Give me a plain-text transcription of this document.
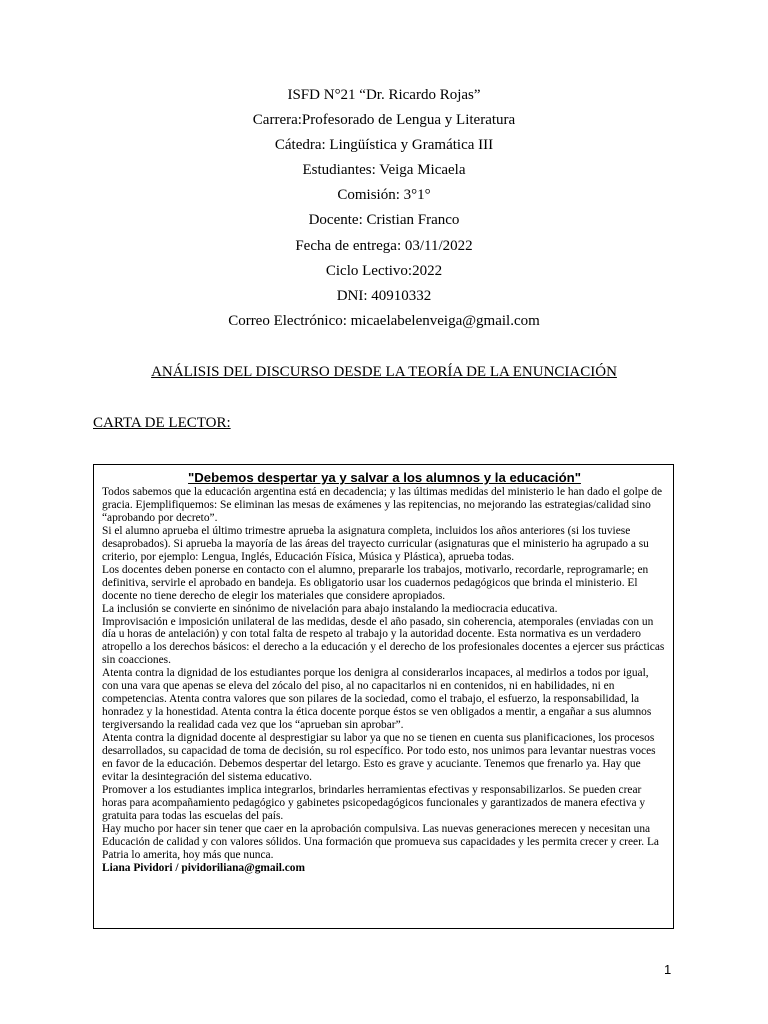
ISFD N°21 “Dr. Ricardo Rojas”
Carrera:Profesorado de Lengua y Literatura
Cátedra: Lingüística y Gramática III
Estudiantes: Veiga Micaela
Comisión: 3°1°
Docente: Cristian Franco
Fecha de entrega: 03/11/2022
Ciclo Lectivo:2022
DNI: 40910332
Correo Electrónico: micaelabelenveiga@gmail.com
ANÁLISIS DEL DISCURSO DESDE LA TEORÍA DE LA ENUNCIACIÓN
CARTA DE LECTOR:
"Debemos despertar ya y salvar a los alumnos y la educación"

Todos sabemos que la educación argentina está en decadencia; y las últimas medidas del ministerio le han dado el golpe de gracia. Ejemplifiquemos: Se eliminan las mesas de exámenes y las repitencias, no mejorando las estrategias/calidad sino “aprobando por decreto”.

Si el alumno aprueba el último trimestre aprueba la asignatura completa, incluidos los años anteriores (si los tuviese desaprobados). Si aprueba la mayoría de las áreas del trayecto curricular (asignaturas que el ministerio ha agrupado a su criterio, por ejemplo: Lengua, Inglés, Educación Física, Música y Plástica), aprueba todas.

Los docentes deben ponerse en contacto con el alumno, prepararle los trabajos, motivarlo, recordarle, reprogramarle; en definitiva, servirle el aprobado en bandeja. Es obligatorio usar los cuadernos pedagógicos que brinda el ministerio. El docente no tiene derecho de elegir los materiales que considere apropiados.

La inclusión se convierte en sinónimo de nivelación para abajo instalando la mediocracia educativa.

Improvisación e imposición unilateral de las medidas, desde el año pasado, sin coherencia, atemporales (enviadas con un día u horas de antelación) y con total falta de respeto al trabajo y la autoridad docente. Esta normativa es un verdadero atropello a los derechos básicos: el derecho a la educación y el derecho de los profesionales docentes a ejercer sus prácticas sin coacciones.

Atenta contra la dignidad de los estudiantes porque los denigra al considerarlos incapaces, al medirlos a todos por igual, con una vara que apenas se eleva del zócalo del piso, al no capacitarlos ni en contenidos, ni en habilidades, ni en competencias. Atenta contra valores que son pilares de la sociedad, como el trabajo, el esfuerzo, la responsabilidad, la honradez y la honestidad. Atenta contra la ética docente porque éstos se ven obligados a mentir, a engañar a sus alumnos tergiversando la realidad cada vez que los “aprueban sin aprobar”.

Atenta contra la dignidad docente al desprestigiar su labor ya que no se tienen en cuenta sus planificaciones, los procesos desarrollados, su capacidad de toma de decisión, su rol específico. Por todo esto, nos unimos para levantar nuestras voces en favor de la educación. Debemos despertar del letargo. Esto es grave y acuciante. Tenemos que frenarlo ya. Hay que evitar la desintegración del sistema educativo.

Promover a los estudiantes implica integrarlos, brindarles herramientas efectivas y responsabilizarlos. Se pueden crear horas para acompañamiento pedagógico y gabinetes psicopedagógicos funcionales y garantizados de manera efectiva y gratuita para todas las escuelas del país.

Hay mucho por hacer sin tener que caer en la aprobación compulsiva. Las nuevas generaciones merecen y necesitan una Educación de calidad y con valores sólidos. Una formación que promueva sus capacidades y les permita crecer y creer. La Patria lo amerita, hoy más que nunca.

Liana Pividori / pividoriliana@gmail.com

1
